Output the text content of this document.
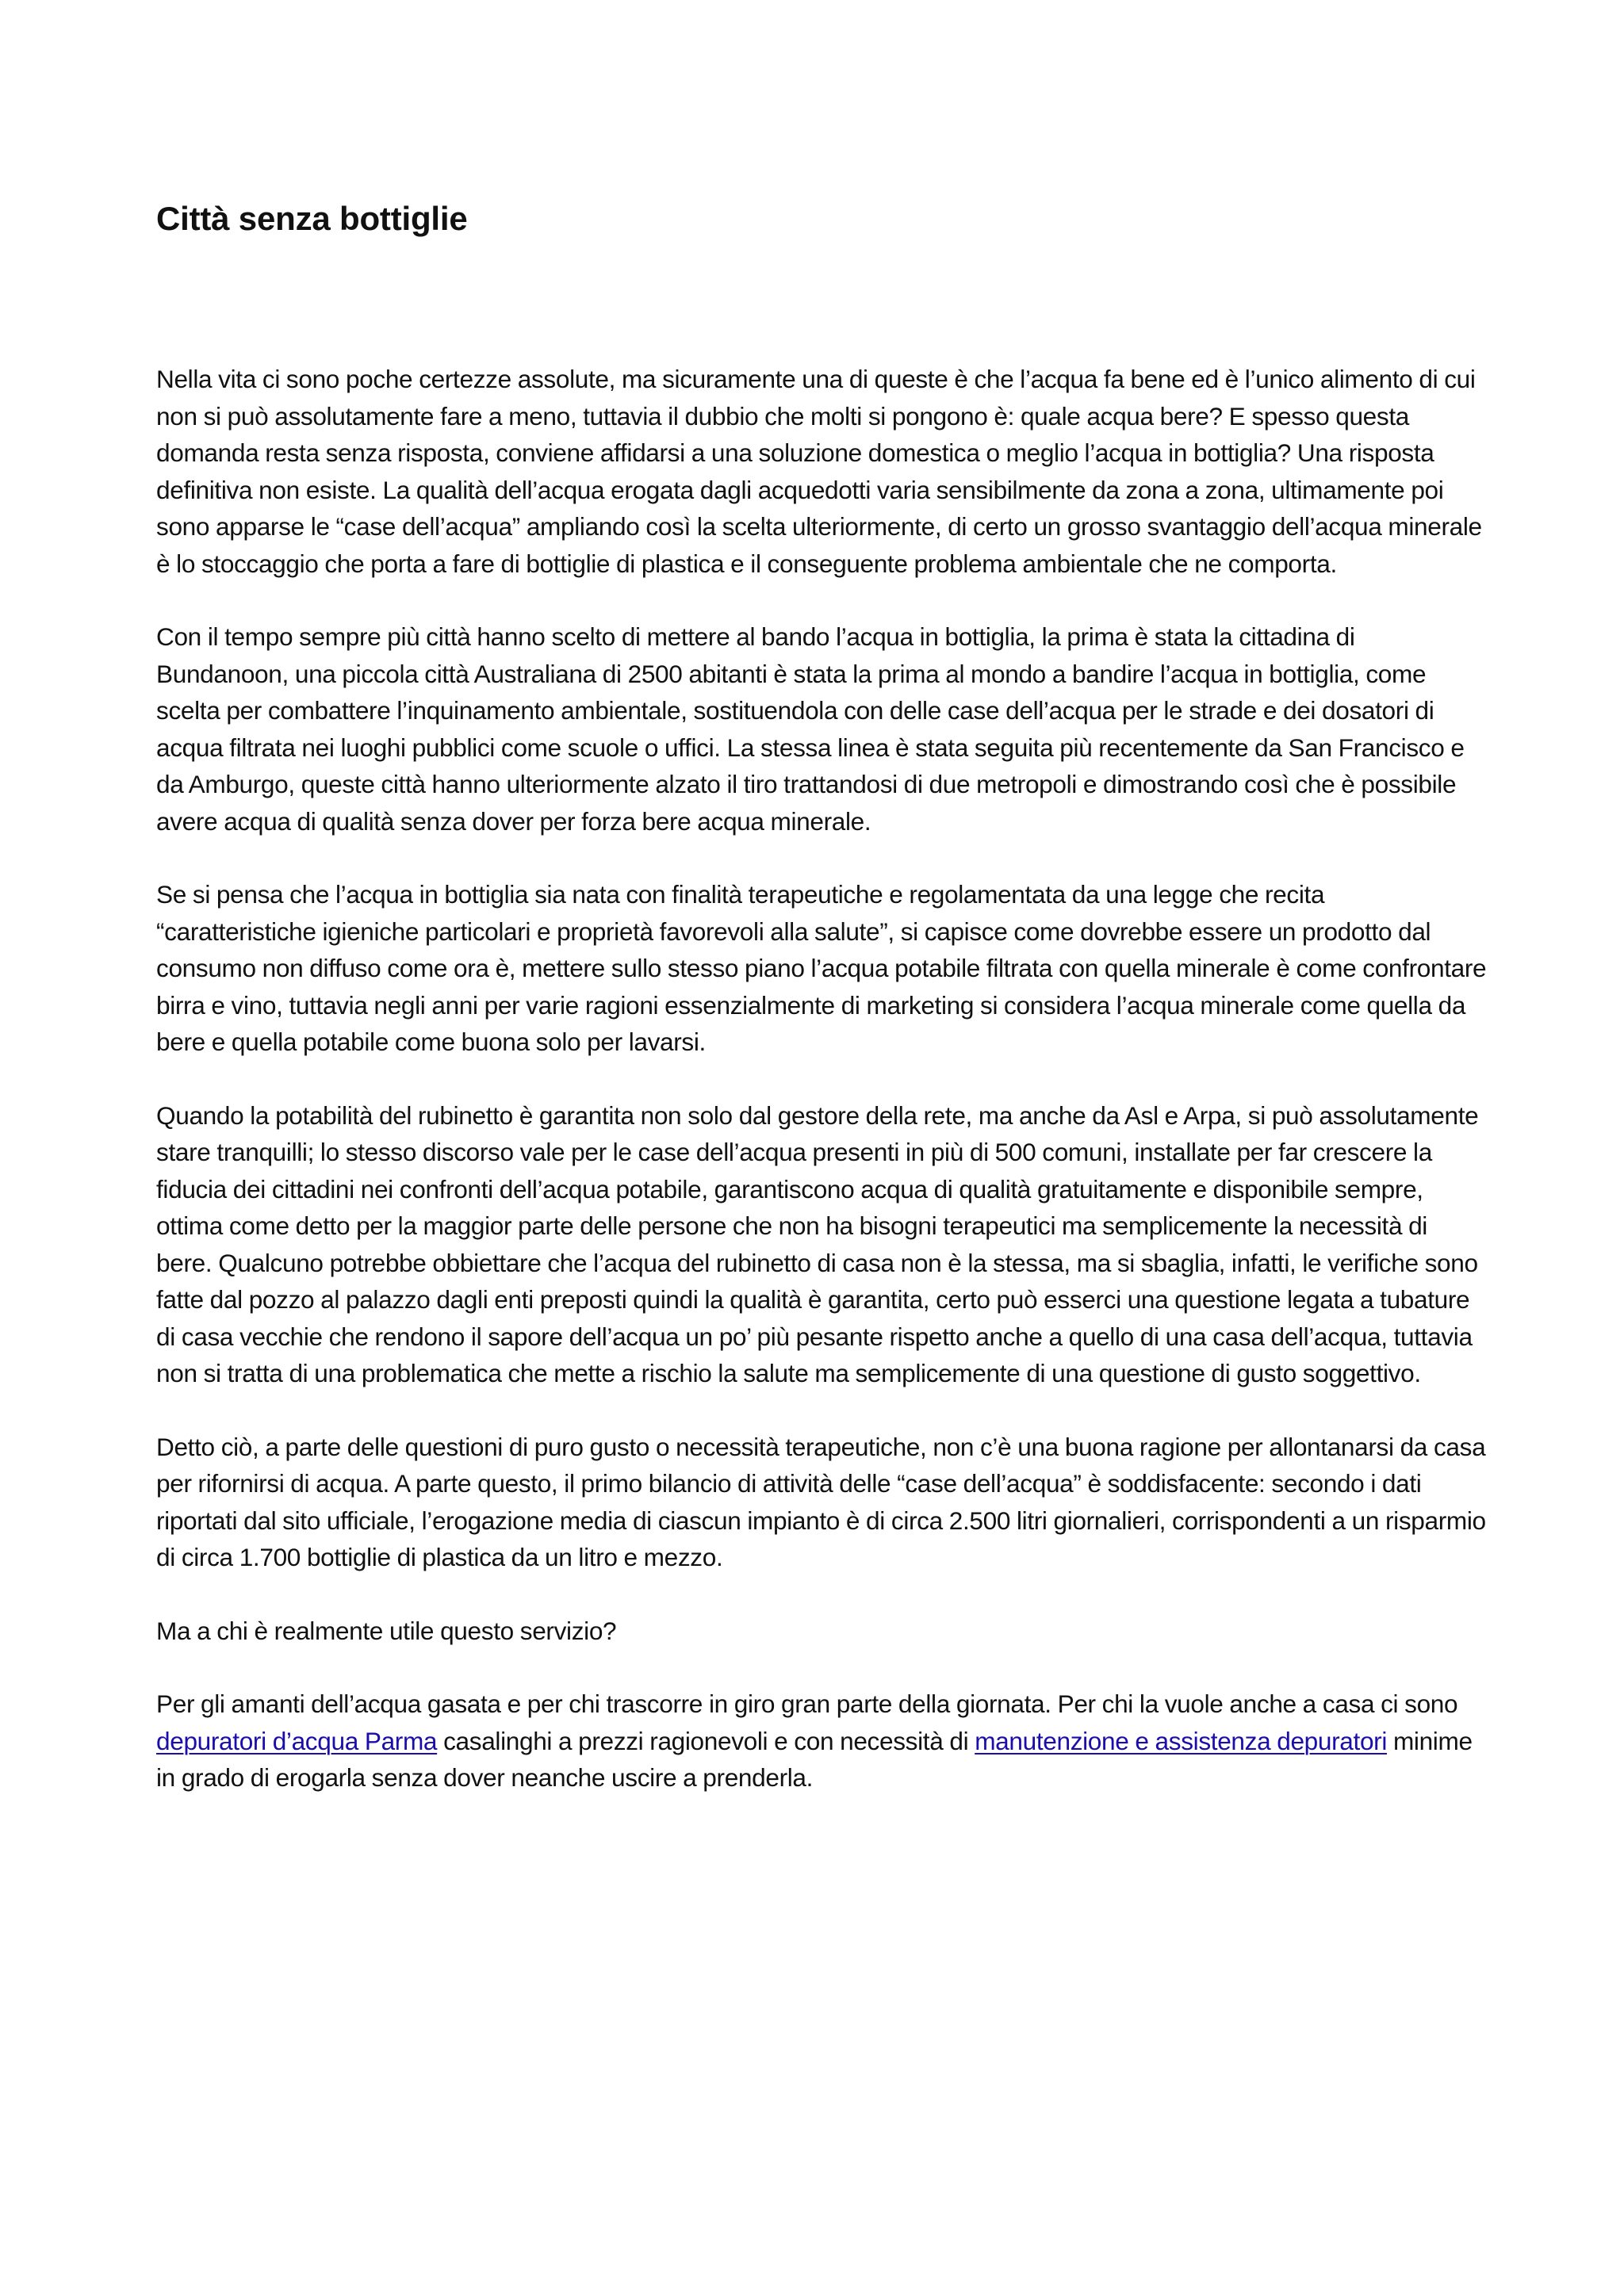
Città senza bottiglie

Nella vita ci sono poche certezze assolute, ma sicuramente una di queste è che l’acqua fa bene ed è l’unico alimento di cui non si può assolutamente fare a meno, tuttavia il dubbio che molti si pongono è: quale acqua bere? E spesso questa domanda resta senza risposta, conviene affidarsi a una soluzione domestica o meglio l’acqua in bottiglia? Una risposta definitiva non esiste. La qualità dell’acqua erogata dagli acquedotti varia sensibilmente da zona a zona, ultimamente poi sono apparse le “case dell’acqua” ampliando così la scelta ulteriormente, di certo un grosso svantaggio dell’acqua minerale è lo stoccaggio che porta a fare di bottiglie di plastica e il conseguente problema ambientale che ne comporta.

Con il tempo sempre più città hanno scelto di mettere al bando l’acqua in bottiglia, la prima è stata la cittadina di Bundanoon, una piccola città Australiana di 2500 abitanti è stata la prima al mondo a bandire l’acqua in bottiglia, come scelta per combattere l’inquinamento ambientale, sostituendola con delle case dell’acqua per le strade e dei dosatori di acqua filtrata nei luoghi pubblici come scuole o uffici. La stessa linea è stata seguita più recentemente da San Francisco e da Amburgo, queste città hanno ulteriormente alzato il tiro trattandosi di due metropoli e dimostrando così che è possibile avere acqua di qualità senza dover per forza bere acqua minerale.

Se si pensa che l’acqua in bottiglia sia nata con finalità terapeutiche e regolamentata da una legge che recita “caratteristiche igieniche particolari e proprietà favorevoli alla salute”, si capisce come dovrebbe essere un prodotto dal consumo non diffuso come ora è, mettere sullo stesso piano l’acqua potabile filtrata con quella minerale è come confrontare birra e vino, tuttavia negli anni per varie ragioni essenzialmente di marketing si considera l’acqua minerale come quella da bere e quella potabile come buona solo per lavarsi.

Quando la potabilità del rubinetto è garantita non solo dal gestore della rete, ma anche da Asl e Arpa, si può assolutamente stare tranquilli; lo stesso discorso vale per le case dell’acqua presenti in più di 500 comuni, installate per far crescere la fiducia dei cittadini nei confronti dell’acqua potabile, garantiscono acqua di qualità gratuitamente e disponibile sempre, ottima come detto per la maggior parte delle persone che non ha bisogni terapeutici ma semplicemente la necessità di bere. Qualcuno potrebbe obbiettare che l’acqua del rubinetto di casa non è la stessa, ma si sbaglia, infatti, le verifiche sono fatte dal pozzo al palazzo dagli enti preposti quindi la qualità è garantita, certo può esserci una questione legata a tubature di casa vecchie che rendono il sapore dell’acqua un po’ più pesante rispetto anche a quello di una casa dell’acqua, tuttavia non si tratta di una problematica che mette a rischio la salute ma semplicemente di una questione di gusto soggettivo.

Detto ciò, a parte delle questioni di puro gusto o necessità terapeutiche, non c’è una buona ragione per allontanarsi da casa per rifornirsi di acqua. A parte questo, il primo bilancio di attività delle “case dell’acqua” è soddisfacente: secondo i dati riportati dal sito ufficiale, l’erogazione media di ciascun impianto è di circa 2.500 litri giornalieri, corrispondenti a un risparmio di circa 1.700 bottiglie di plastica da un litro e mezzo.

Ma a chi è realmente utile questo servizio?

Per gli amanti dell’acqua gasata e per chi trascorre in giro gran parte della giornata. Per chi la vuole anche a casa ci sono depuratori d’acqua Parma casalinghi a prezzi ragionevoli e con necessità di manutenzione e assistenza depuratori minime in grado di erogarla senza dover neanche uscire a prenderla.
